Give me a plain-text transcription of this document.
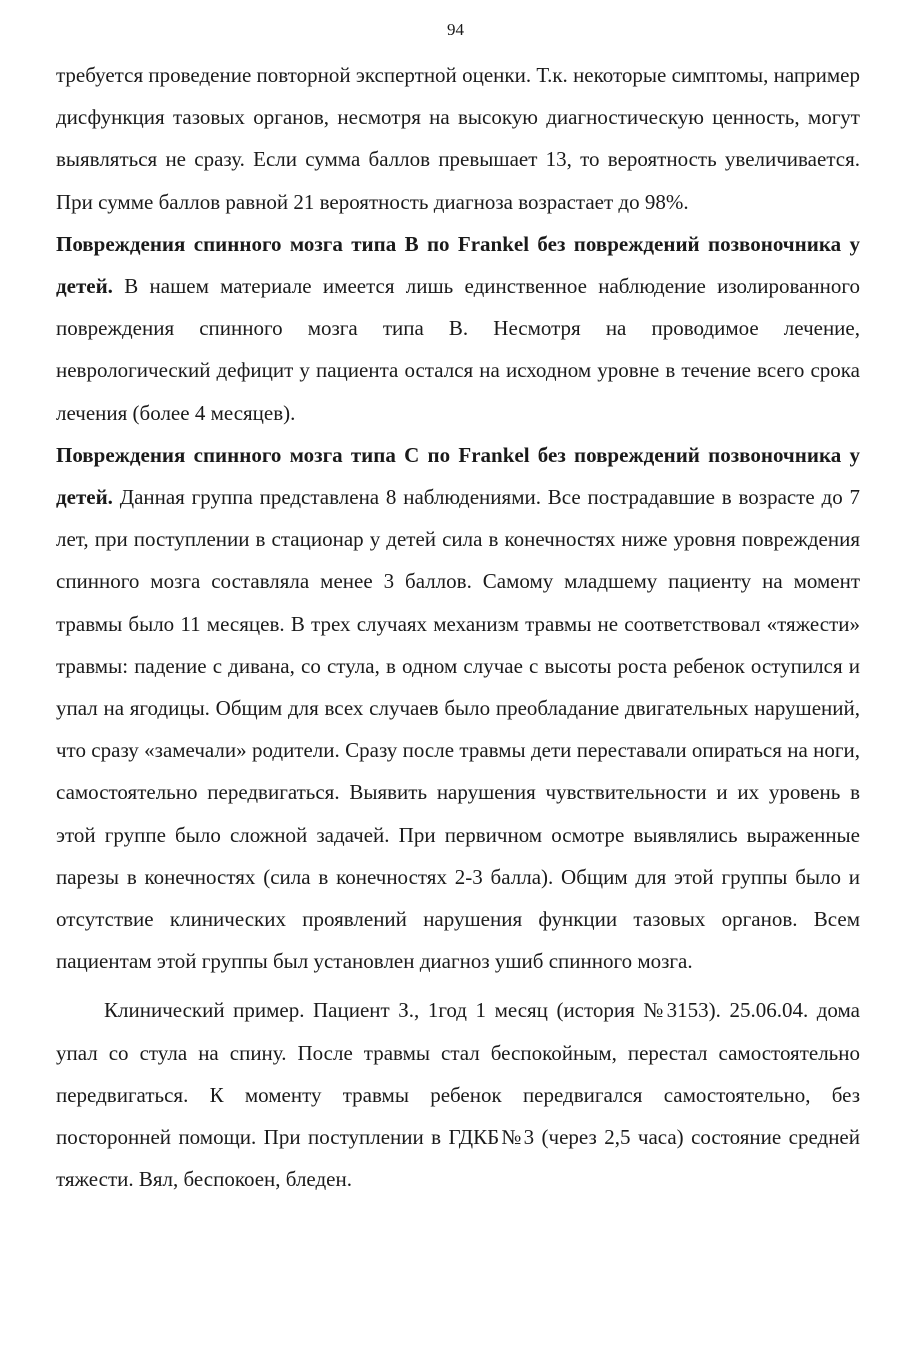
94

требуется проведение повторной экспертной оценки. Т.к. некоторые симптомы, например дисфункция тазовых органов, несмотря на высокую диагностическую ценность, могут выявляться не сразу. Если сумма баллов превышает 13, то вероятность увеличивается. При сумме баллов равной 21 вероятность диагноза возрастает до 98%.

Повреждения спинного мозга типа В по Frankel без повреждений позвоночника у детей. В нашем материале имеется лишь единственное наблюдение изолированного повреждения спинного мозга типа В. Несмотря на проводимое лечение, неврологический дефицит у пациента остался на исходном уровне в течение всего срока лечения (более 4 месяцев).

Повреждения спинного мозга типа С по Frankel без повреждений позвоночника у детей. Данная группа представлена 8 наблюдениями. Все пострадавшие в возрасте до 7 лет, при поступлении в стационар у детей сила в конечностях ниже уровня повреждения спинного мозга составляла менее 3 баллов. Самому младшему пациенту на момент травмы было 11 месяцев. В трех случаях механизм травмы не соответствовал «тяжести» травмы: падение с дивана, со стула, в одном случае с высоты роста ребенок оступился и упал на ягодицы. Общим для всех случаев было преобладание двигательных нарушений, что сразу «замечали» родители. Сразу после травмы дети переставали опираться на ноги, самостоятельно передвигаться. Выявить нарушения чувствительности и их уровень в этой группе было сложной задачей. При первичном осмотре выявлялись выраженные парезы в конечностях (сила в конечностях 2-3 балла). Общим для этой группы было и отсутствие клинических проявлений нарушения функции тазовых органов. Всем пациентам этой группы был установлен диагноз ушиб спинного мозга.

Клинический пример. Пациент З., 1год 1 месяц (история №3153). 25.06.04. дома упал со стула на спину. После травмы стал беспокойным, перестал самостоятельно передвигаться. К моменту травмы ребенок передвигался самостоятельно, без посторонней помощи. При поступлении в ГДКБ№3 (через 2,5 часа) состояние средней тяжести. Вял, беспокоен, бледен.
